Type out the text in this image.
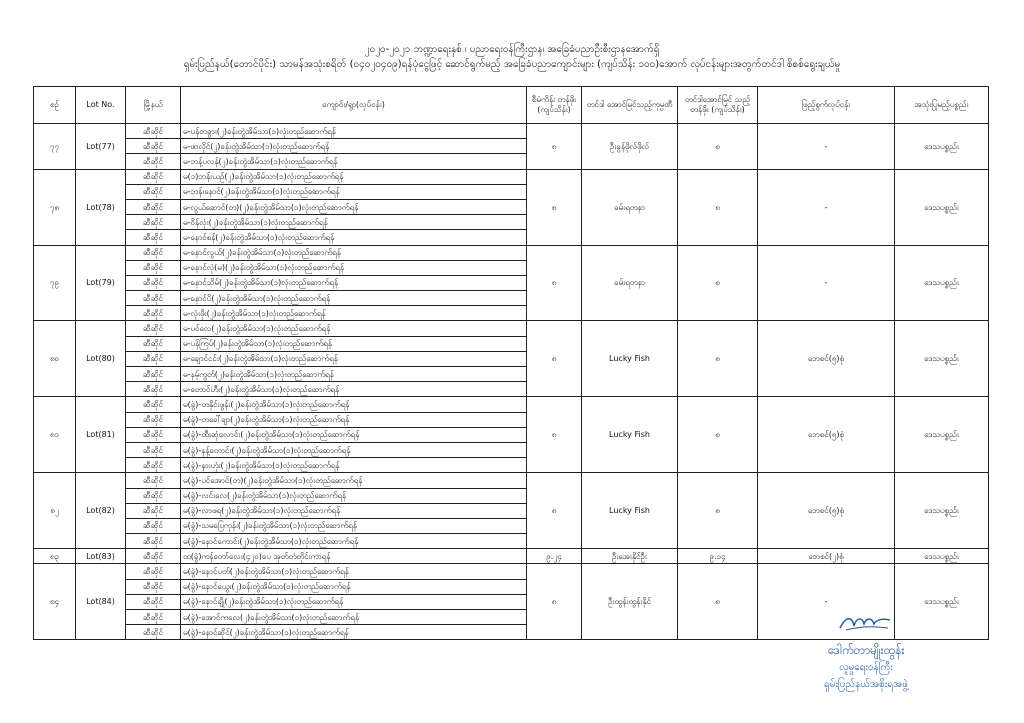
၂၀၂၀-၂၀၂၁ ဘဏ္ဍာရေးနှစ် ၊ ပညာရေးဝန်ကြီးဌာန၊ အခြေခံပညာဦးစီးဌာနအောက်ရှိ
ရှမ်းပြည်နယ်(တောင်ပိုင်း) သာမန်အသုံးစရိတ် (၀၄၀၂၀၄၀၉)ရန်ပုံငွေဖြင့် ဆောင်ရွက်မည့် အခြေခံပညာကျောင်းများ (ကျပ်သိန်း ၁၀၀)အောက် လုပ်ငန်းများအတွက်တင်ဒါ စိစစ်ရွေးချယ်မှု
စဉ်	Lot No.	မြို့နယ်	ကျောင်း/ရွာ(လုပ်ငန်း)	စီမံကိန်း တန်ဖိုး (ကျပ်သိန်း)	တင်ဒါ အောင်မြင်သည့်ကုမ္ပဏီ	တင်ဒါအောင်မြင် သည့်တန်ဖိုး (ကျပ်သိန်း)	ဖြည့်စွက်လုပ်ငန်း	အသုံးပြုမည့်ပစ္စည်း
၇၇	Lot(77)	ဆီဆိုင်	မ-ပန်တခွား(၂)ခန်းတွဲအိမ်သာ(၁)လုံးတည်ဆောက်ရန်	၈	ဦးခွန်ဖိုလ်ဖိုလ်	၈	-	ဒေသပစ္စည်း
		ဆီဆိုင်	မ-ဖာလိုင်(၂)ခန်းတွဲအိမ်သာ(၁)လုံးတည်ဆောက်ရန်					
		ဆီဆိုင်	မ-ဘန့်ပလန်(၂)ခန်းတွဲအိမ်သာ(၁)လုံးတည်ဆောက်ရန်					
၇၈	Lot(78)	ဆီဆိုင်	မ(၁)ဘန်းယဉ်(၂)ခန်းတွဲအိမ်သာ(၁)လုံးတည်ဆောက်ရန်	၈	ခမ်းရတနာ	၈	-	ဒေသပစ္စည်း
		ဆီဆိုင်	မ-ဘန်းနောင်(၂)ခန်းတွဲအိမ်သာ(၁)လုံးတည်ဆောက်ရန်					
		ဆီဆိုင်	မ-လွယ်ဆောင်(တ)(၂)ခန်းတွဲအိမ်သာ(၁)လုံးတည်ဆောက်ရန်					
		ဆီဆိုင်	မ-ဝိန်လုံး(၂)ခန်းတွဲအိမ်သာ(၁)လုံးတည်ဆောက်ရန်					
		ဆီဆိုင်	မ-နောင်စန်(၂)ခန်းတွဲအိမ်သာ(၁)လုံးတည်ဆောက်ရန်					
၇၉	Lot(79)	ဆီဆိုင်	မ-နောင်လွယ်(၂)ခန်းတွဲအိမ်သာ(၁)လုံးတည်ဆောက်ရန်	၈	ခမ်းရတနာ	၈	-	ဒေသပစ္စည်း
		ဆီဆိုင်	မ-နောင်လုံ(မ)(၂)ခန်းတွဲအိမ်သာ(၁)လုံးတည်ဆောက်ရန်					
		ဆီဆိုင်	မ-နောင်သိမ်(၂)ခန်းတွဲအိမ်သာ(၁)လုံးတည်ဆောက်ရန်					
		ဆီဆိုင်	မ-နောင်ပိ(၂)ခန်းတွဲအိမ်သာ(၁)လုံးတည်ဆောက်ရန်					
		ဆီဆိုင်	မ-လုံးဖိုး(၂)ခန်းတွဲအိမ်သာ(၁)လုံးတည်ဆောက်ရန်					
၈၀	Lot(80)	ဆီဆိုင်	မ-ပင်လေ(၂)ခန်းတွဲအိမ်သာ(၁)လုံးတည်ဆောက်ရန်	၈	Lucky Fish	၈	ဘေစင်(၅)စုံ	ဒေသပစ္စည်း
		ဆီဆိုင်	မ-ပန်ကြပ်(၂)ခန်းတွဲအိမ်သာ(၁)လုံးတည်ဆောက်ရန်					
		ဆီဆိုင်	မ-ချောင်ငင်း(၂)ခန်းတွဲအိမ်သာ(၁)လုံးတည်ဆောက်ရန်					
		ဆီဆိုင်	မ-နမ့်ကွတ်(၂)ခန်းတွဲအိမ်သာ(၁)လုံးတည်ဆောက်ရန်					
		ဆီဆိုင်	မ-တောင်ဟီး(၂)ခန်းတွဲအိမ်သာ(၁)လုံးတည်ဆောက်ရန်					
၈၁	Lot(81)	ဆီဆိုင်	မ(ခွဲ)-တနိုင်းဖွန်း(၂)ခန်းတွဲအိမ်သာ(၁)လုံးတည်ဆောက်ရန်	၈	Lucky Fish	၈	ဘေစင်(၅)စုံ	ဒေသပစ္စည်း
		ဆီဆိုင်	မ(ခွဲ)-တခေါ်ချာ(၂)ခန်းတွဲအိမ်သာ(၁)လုံးတည်ဆောက်ရန်					
		ဆီဆိုင်	မ(ခွဲ)-ထီးဆုံလောင်း(၂)ခန်းတွဲအိမ်သာ(၁)လုံးတည်ဆောက်ရန်					
		ဆီဆိုင်	မ(ခွဲ)-နန့်တောင်း(၂)ခန်းတွဲအိမ်သာ(၁)လုံးတည်ဆောက်ရန်					
		ဆီဆိုင်	မ(ခွဲ)-နားဟုံး(၂)ခန်းတွဲအိမ်သာ(၁)လုံးတည်ဆောက်ရန်					
၈၂	Lot(82)	ဆီဆိုင်	မ(ခွဲ)-ပင်အောင်(တ)(၂)ခန်းတွဲအိမ်သာ(၁)လုံးတည်ဆောက်ရန်	၈	Lucky Fish	၈	ဘေစင်(၅)စုံ	ဒေသပစ္စည်း
		ဆီဆိုင်	မ(ခွဲ)-လင်းလေ(၂)ခန်းတွဲအိမ်သာ(၁)လုံးတည်ဆောက်ရန်					
		ဆီဆိုင်	မ(ခွဲ)-လာဖရ(၂)ခန်းတွဲအိမ်သာ(၁)လုံးတည်ဆောက်ရန်					
		ဆီဆိုင်	မ(ခွဲ)-သမပြေကုန်း(၂)ခန်းတွဲအိမ်သာ(၁)လုံးတည်ဆောက်ရန်					
		ဆီဆိုင်	မ(ခွဲ)-နောင်ကောင်း(၂)ခန်းတွဲအိမ်သာ(၁)လုံးတည်ဆောက်ရန်					
၈၃	Lot(83)	ဆီဆိုင်	ထ(ခွဲ)ကန်တော်လေး(၄၂၀)ပေ အုတ်တံတိုင်းကာရန်	၉.၂၄	ဦးအေးနိုင်ဦး	၉.၁၄	ဘေစင်(၂)စုံ	ဒေသပစ္စည်း
၈၄	Lot(84)	ဆီဆိုင်	မ(ခွဲ)-နောင်ပတ်(၂)ခန်းတွဲအိမ်သာ(၁)လုံးတည်ဆောက်ရန်	၈	ဦးထွန်းထွန်းနိုင်	၈	-	ဒေသပစ္စည်း
		ဆီဆိုင်	မ(ခွဲ)-နောင်ယွေး(၂)ခန်းတွဲအိမ်သာ(၁)လုံးတည်ဆောက်ရန်					
		ဆီဆိုင်	မ(ခွဲ)-နောင်ချို(၂)ခန်းတွဲအိမ်သာ(၁)လုံးတည်ဆောက်ရန်					
		ဆီဆိုင်	မ(ခွဲ)-အောင်ကလေ(၂)ခန်းတွဲအိမ်သာ(၁)လုံးတည်ဆောက်ရန်					
		ဆီဆိုင်	မ(ခွဲ)-နောင်ဆိုင်(၂)ခန်းတွဲအိမ်သာ(၁)လုံးတည်ဆောက်ရန်					
ဒေါက်တာမျိုးထွန်း
လူမှုရေးဝန်ကြီး
ရှမ်းပြည်နယ်အစိုးရအဖွဲ့
